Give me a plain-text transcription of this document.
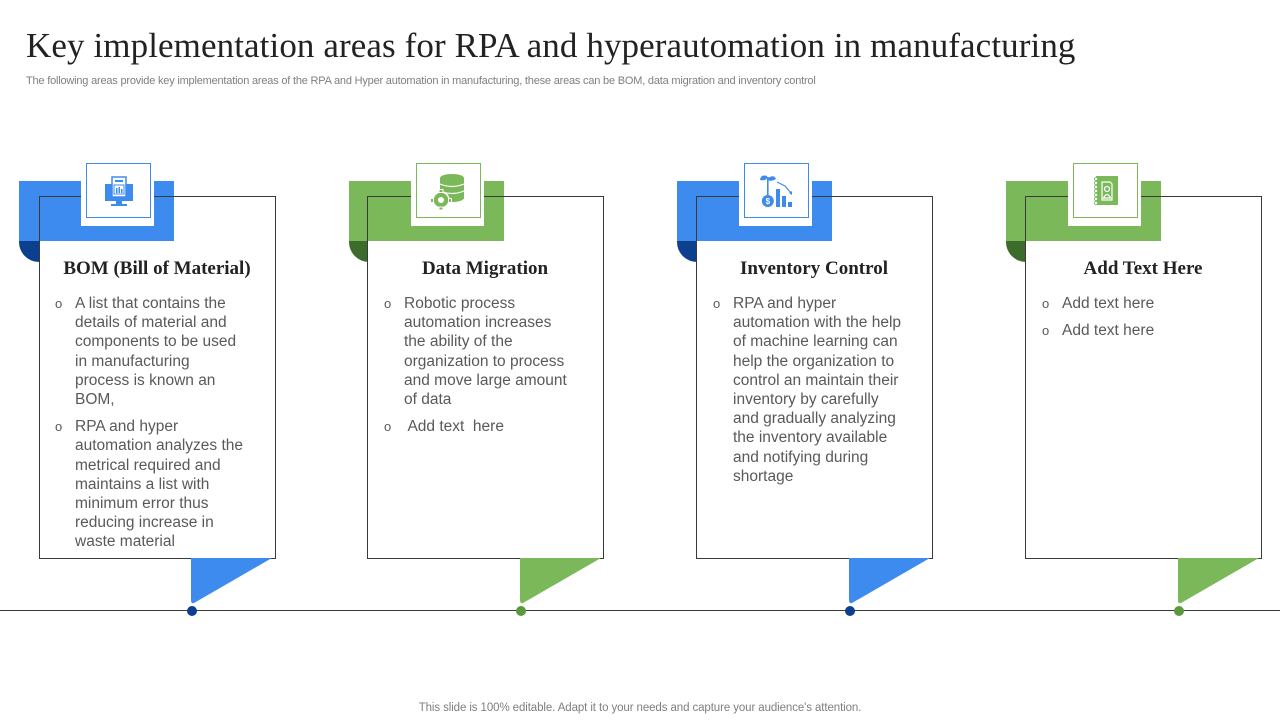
Key implementation areas for RPA and hyperautomation in manufacturing
The following areas provide key implementation areas of the RPA and Hyper automation in manufacturing, these areas can be BOM, data migration and inventory control
BOM (Bill of Material)
o A list that contains the details of material and components to be used in manufacturing process is known an BOM,
o RPA and hyper automation analyzes the metrical required and maintains a list with minimum error thus reducing increase in waste material
Data Migration
o Robotic process automation increases the ability of the organization to process and move large amount of data
o Add text  here
$
Inventory Control
o RPA and hyper automation with the help of machine learning can help the organization to control an maintain their inventory by carefully and gradually analyzing the inventory available and notifying during shortage
Add Text Here
o Add text here
o Add text here
This slide is 100% editable. Adapt it to your needs and capture your audience's attention.
